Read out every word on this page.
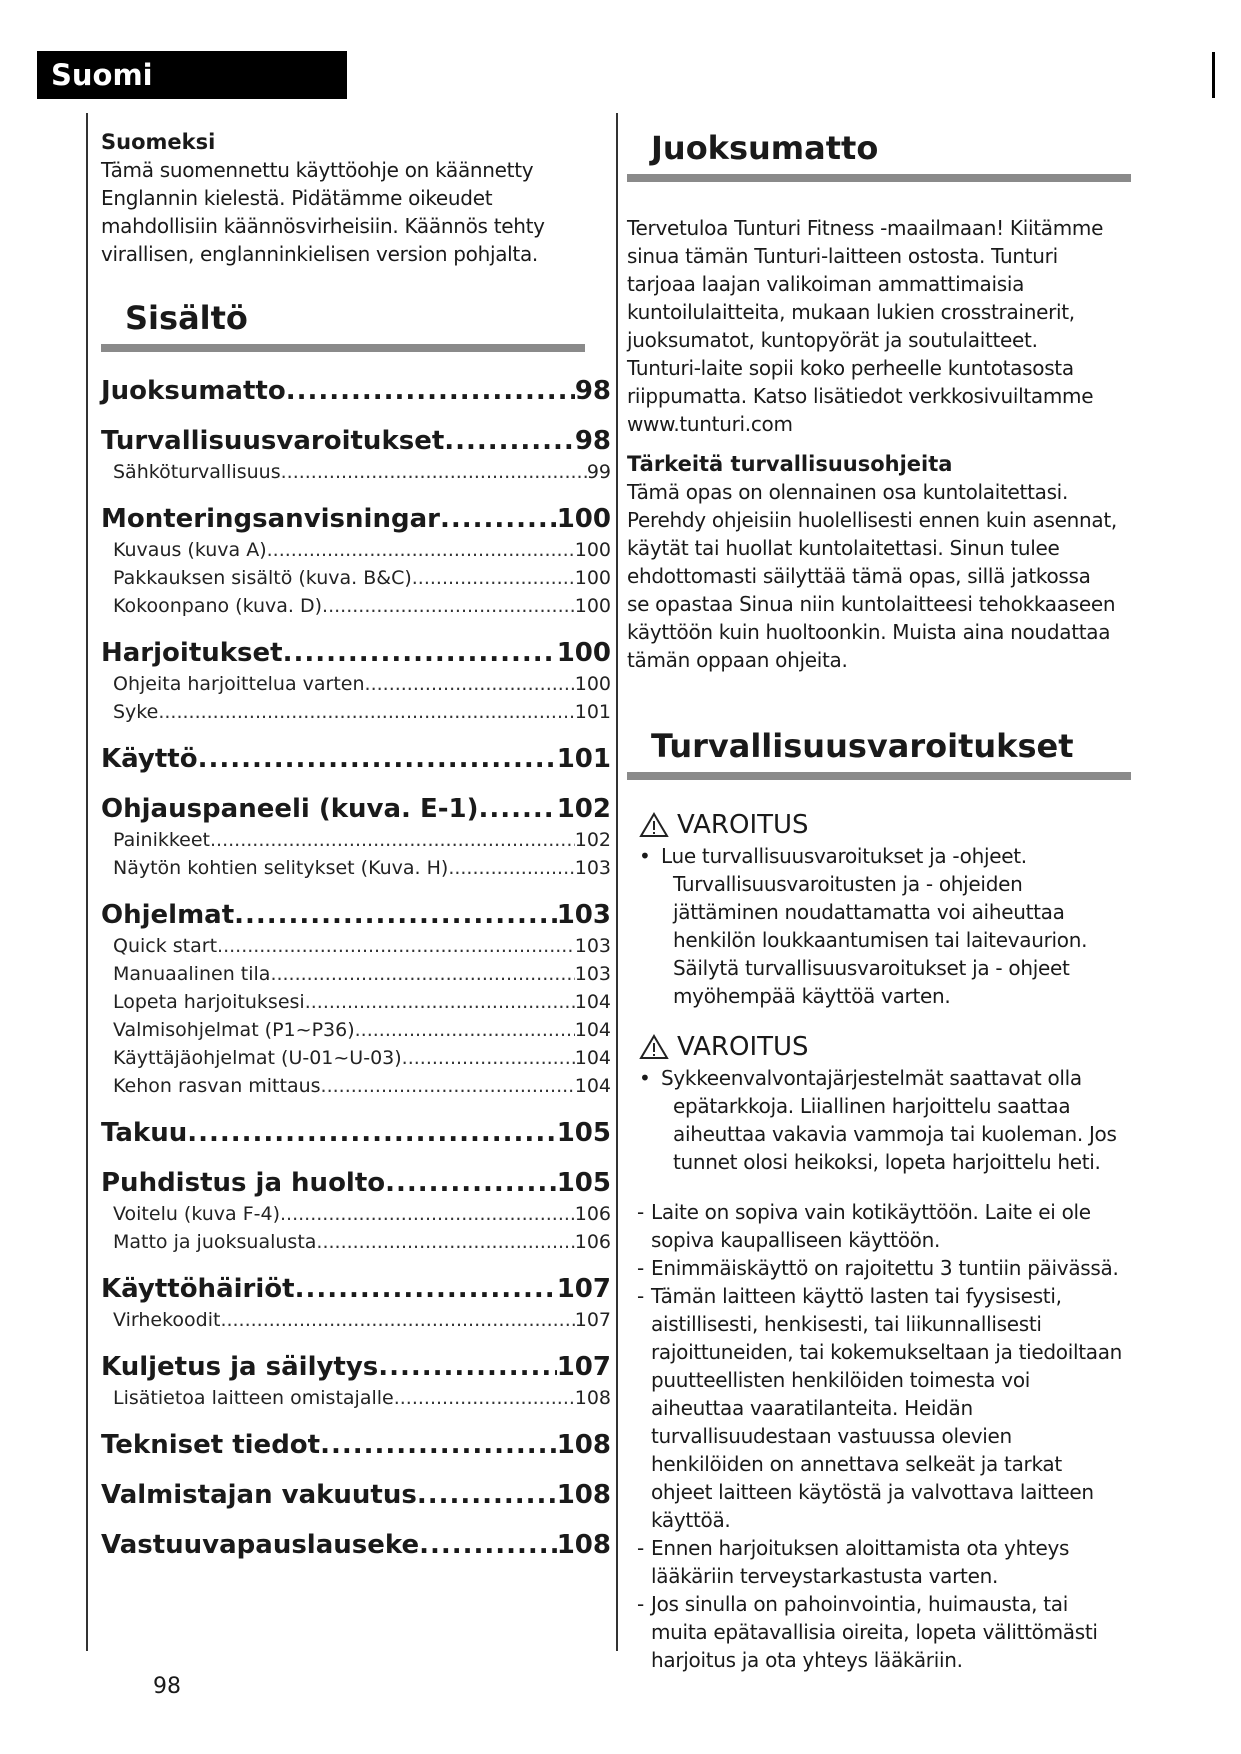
Suomi
Suomeksi
Tämä suomennettu käyttöohje on käännetty Englannin kielestä. Pidätämme oikeudet mahdollisiin käännösvirheisiin. Käännös tehty virallisen, englanninkielisen version pohjalta.
Sisältö
Juoksumatto .....	98
Turvallisuusvaroitukset .....	98
Sähköturvallisuus .....	99
Monteringsanvisningar .....	100
Kuvaus (kuva A) .....	100
Pakkauksen sisältö (kuva. B&C) .....	100
Kokoonpano (kuva. D) .....	100
Harjoitukset .....	100
Ohjeita harjoittelua varten .....	100
Syke .....	101
Käyttö .....	101
Ohjauspaneeli (kuva. E-1) .....	102
Painikkeet .....	102
Näytön kohtien selitykset (Kuva. H) .....	103
Ohjelmat .....	103
Quick start .....	103
Manuaalinen tila .....	103
Lopeta harjoituksesi .....	104
Valmisohjelmat (P1~P36) .....	104
Käyttäjäohjelmat (U-01~U-03) .....	104
Kehon rasvan mittaus .....	104
Takuu .....	105
Puhdistus ja huolto .....	105
Voitelu (kuva F-4) .....	106
Matto ja juoksualusta .....	106
Käyttöhäiriöt .....	107
Virhekoodit .....	107
Kuljetus ja säilytys .....	107
Lisätietoa laitteen omistajalle .....	108
Tekniset tiedot .....	108
Valmistajan vakuutus .....	108
Vastuuvapauslauseke .....	108
Juoksumatto
Tervetuloa Tunturi Fitness -maailmaan! Kiitämme sinua tämän Tunturi-laitteen ostosta. Tunturi tarjoaa laajan valikoiman ammattimaisia kuntoilulaitteita, mukaan lukien crosstrainerit, juoksumatot, kuntopyörät ja soutulaitteet. Tunturi-laite sopii koko perheelle kuntotasosta riippumatta. Katso lisätiedot verkkosivuiltamme www.tunturi.com
Tärkeitä turvallisuusohjeita
Tämä opas on olennainen osa kuntolaitettasi. Perehdy ohjeisiin huolellisesti ennen kuin asennat, käytät tai huollat kuntolaitettasi. Sinun tulee ehdottomasti säilyttää tämä opas, sillä jatkossa se opastaa Sinua niin kuntolaitteesi tehokkaaseen käyttöön kuin huoltoonkin. Muista aina noudattaa tämän oppaan ohjeita.
Turvallisuusvaroitukset
VAROITUS
• Lue turvallisuusvaroitukset ja -ohjeet.
Turvallisuusvaroitusten ja - ohjeiden jättäminen noudattamatta voi aiheuttaa henkilön loukkaantumisen tai laitevaurion. Säilytä turvallisuusvaroitukset ja - ohjeet myöhempää käyttöä varten.
VAROITUS
• Sykkeenvalvontajärjestelmät saattavat olla
epätarkkoja. Liiallinen harjoittelu saattaa aiheuttaa vakavia vammoja tai kuoleman. Jos tunnet olosi heikoksi, lopeta harjoittelu heti.
- Laite on sopiva vain kotikäyttöön. Laite ei ole sopiva kaupalliseen käyttöön.
- Enimmäiskäyttö on rajoitettu 3 tuntiin päivässä.
- Tämän laitteen käyttö lasten tai fyysisesti, aistillisesti, henkisesti, tai liikunnallisesti rajoittuneiden, tai kokemukseltaan ja tiedoiltaan puutteellisten henkilöiden toimesta voi aiheuttaa vaaratilanteita. Heidän turvallisuudestaan vastuussa olevien henkilöiden on annettava selkeät ja tarkat ohjeet laitteen käytöstä ja valvottava laitteen käyttöä.
- Ennen harjoituksen aloittamista ota yhteys lääkäriin terveystarkastusta varten.
- Jos sinulla on pahoinvointia, huimausta, tai muita epätavallisia oireita, lopeta välittömästi harjoitus ja ota yhteys lääkäriin.
98
